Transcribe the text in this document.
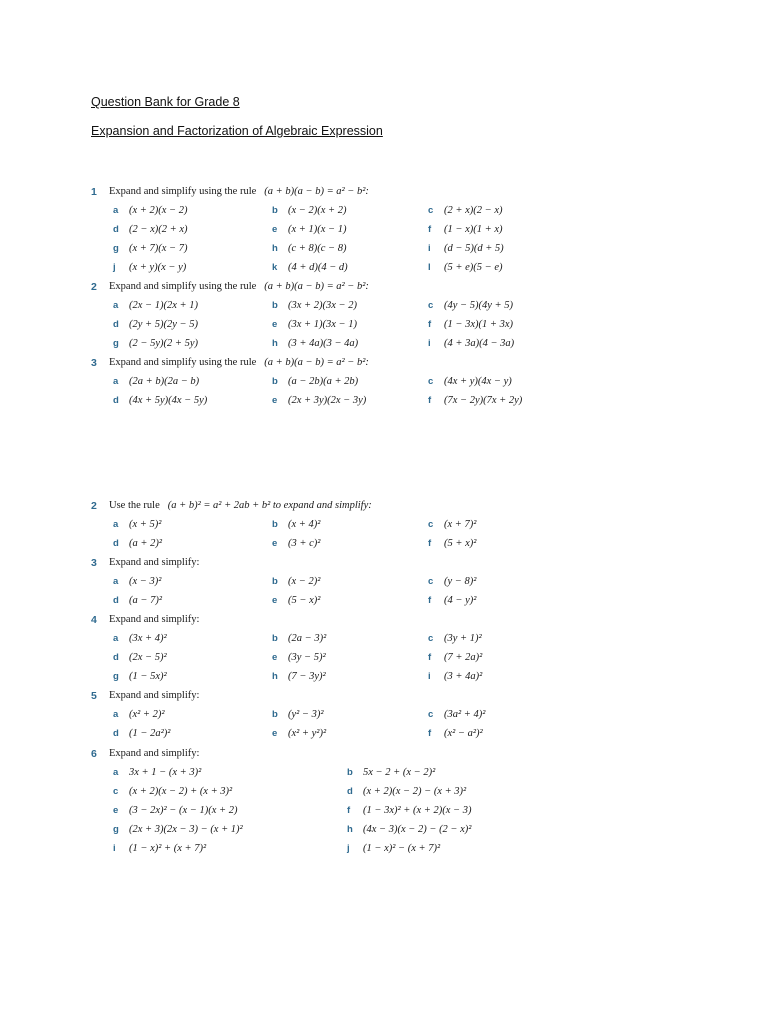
Question Bank for Grade 8
Expansion and Factorization of Algebraic Expression
1 Expand and simplify using the rule (a + b)(a − b) = a² − b²:
a (x + 2)(x − 2)	b (x − 2)(x + 2)	c (2 + x)(2 − x)
d (2 − x)(2 + x)	e (x + 1)(x − 1)	f (1 − x)(1 + x)
g (x + 7)(x − 7)	h (c + 8)(c − 8)	i (d − 5)(d + 5)
j (x + y)(x − y)	k (4 + d)(4 − d)	l (5 + e)(5 − e)
2 Expand and simplify using the rule (a + b)(a − b) = a² − b²:
a (2x − 1)(2x + 1)	b (3x + 2)(3x − 2)	c (4y − 5)(4y + 5)
d (2y + 5)(2y − 5)	e (3x + 1)(3x − 1)	f (1 − 3x)(1 + 3x)
g (2 − 5y)(2 + 5y)	h (3 + 4a)(3 − 4a)	i (4 + 3a)(4 − 3a)
3 Expand and simplify using the rule (a + b)(a − b) = a² − b²:
a (2a + b)(2a − b)	b (a − 2b)(a + 2b)	c (4x + y)(4x − y)
d (4x + 5y)(4x − 5y)	e (2x + 3y)(2x − 3y)	f (7x − 2y)(7x + 2y)
2 Use the rule (a + b)² = a² + 2ab + b² to expand and simplify:
a (x + 5)²	b (x + 4)²	c (x + 7)²
d (a + 2)²	e (3 + c)²	f (5 + x)²
3 Expand and simplify:
a (x − 3)²	b (x − 2)²	c (y − 8)²
d (a − 7)²	e (5 − x)²	f (4 − y)²
4 Expand and simplify:
a (3x + 4)²	b (2a − 3)²	c (3y + 1)²
d (2x − 5)²	e (3y − 5)²	f (7 + 2a)²
g (1 − 5x)²	h (7 − 3y)²	i (3 + 4a)²
5 Expand and simplify:
a (x² + 2)²	b (y² − 3)²	c (3a² + 4)²
d (1 − 2a²)²	e (x² + y²)²	f (x² − a²)²
6 Expand and simplify:
a 3x + 1 − (x + 3)²	b 5x − 2 + (x − 2)²
c (x + 2)(x − 2) + (x + 3)²	d (x + 2)(x − 2) − (x + 3)²
e (3 − 2x)² − (x − 1)(x + 2)	f (1 − 3x)² + (x + 2)(x − 3)
g (2x + 3)(2x − 3) − (x + 1)²	h (4x − 3)(x − 2) − (2 − x)²
i (1 − x)² + (x + 7)²	j (1 − x)² − (x + 7)²
